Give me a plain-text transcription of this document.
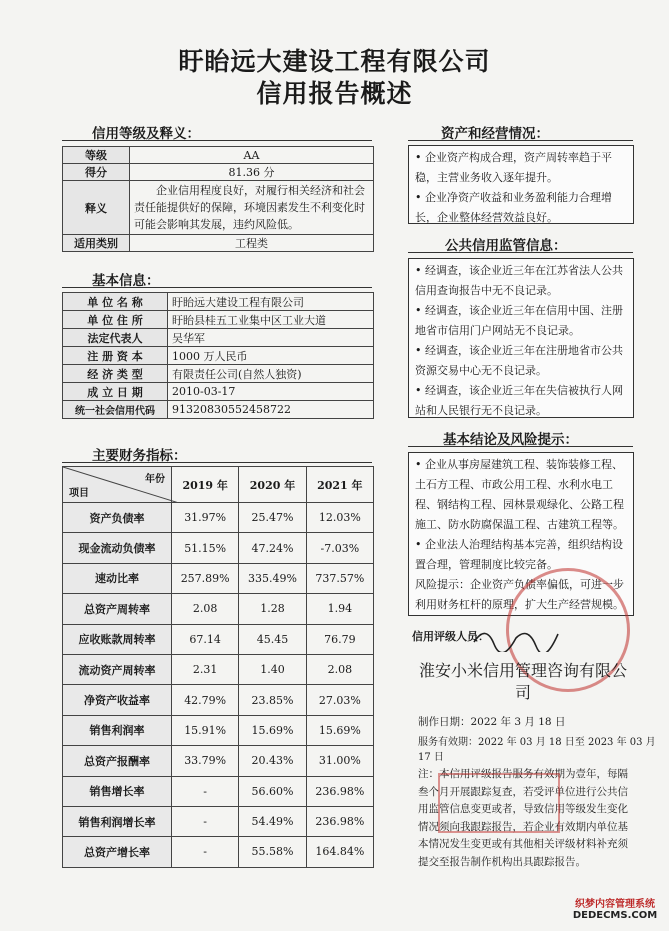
盱眙远大建设工程有限公司
信用报告概述
信用等级及释义：
等级	AA
得分	81.36 分
释义	企业信用程度良好，对履行相关经济和社会责任能提供好的保障，环境因素发生不利变化时可能会影响其发展，违约风险低。
适用类别	工程类
基本信息：
单 位 名 称	盱眙远大建设工程有限公司
单 位 住 所	盱眙县桂五工业集中区工业大道
法定代表人	吴华军
注 册 资 本	1000 万人民币
经 济 类 型	有限责任公司(自然人独资)
成 立 日 期	2010-03-17
统一社会信用代码	91320830552458722
主要财务指标：
年份
项目	2019 年	2020 年	2021 年
资产负债率	31.97%	25.47%	12.03%
现金流动负债率	51.15%	47.24%	-7.03%
速动比率	257.89%	335.49%	737.57%
总资产周转率	2.08	1.28	1.94
应收账款周转率	67.14	45.45	76.79
流动资产周转率	2.31	1.40	2.08
净资产收益率	42.79%	23.85%	27.03%
销售利润率	15.91%	15.69%	15.69%
总资产报酬率	33.79%	20.43%	31.00%
销售增长率	-	56.60%	236.98%
销售利润增长率	-	54.49%	236.98%
总资产增长率	-	55.58%	164.84%
资产和经营情况：

• 企业资产构成合理，资产周转率趋于平稳，主营业务收入逐年提升。

• 企业净资产收益和业务盈利能力合理增长，企业整体经营效益良好。

公共信用监管信息：

• 经调查，该企业近三年在江苏省法人公共信用查询报告中无不良记录。

• 经调查，该企业近三年在信用中国、注册地省市信用门户网站无不良记录。

• 经调查，该企业近三年在注册地省市公共资源交易中心无不良记录。

• 经调查，该企业近三年在失信被执行人网站和人民银行无不良记录。

基本结论及风险提示：

• 企业从事房屋建筑工程、装饰装修工程、土石方工程、市政公用工程、水利水电工程、钢结构工程、园林景观绿化、公路工程施工、防水防腐保温工程、古建筑工程等。

• 企业法人治理结构基本完善，组织结构设置合理，管理制度比较完备。

风险提示：企业资产负债率偏低，可进一步利用财务杠杆的原理，扩大生产经营规模。

信用评级人员：
淮安小米信用管理咨询有限公司
制作日期：2022 年 3 月 18 日
服务有效期：2022 年 03 月 18 日至 2023 年 03 月 17 日
注：本信用评级报告服务有效期为壹年，每隔叁个月开展跟踪复查，若受评单位进行公共信用监管信息变更或者，导致信用等级发生变化情况须向我跟踪报告，若企业有效期内单位基本情况发生变更或有其他相关评级材料补充须提交至报告制作机构出具跟踪报告。
织梦内容管理系统
DEDECMS.COM
